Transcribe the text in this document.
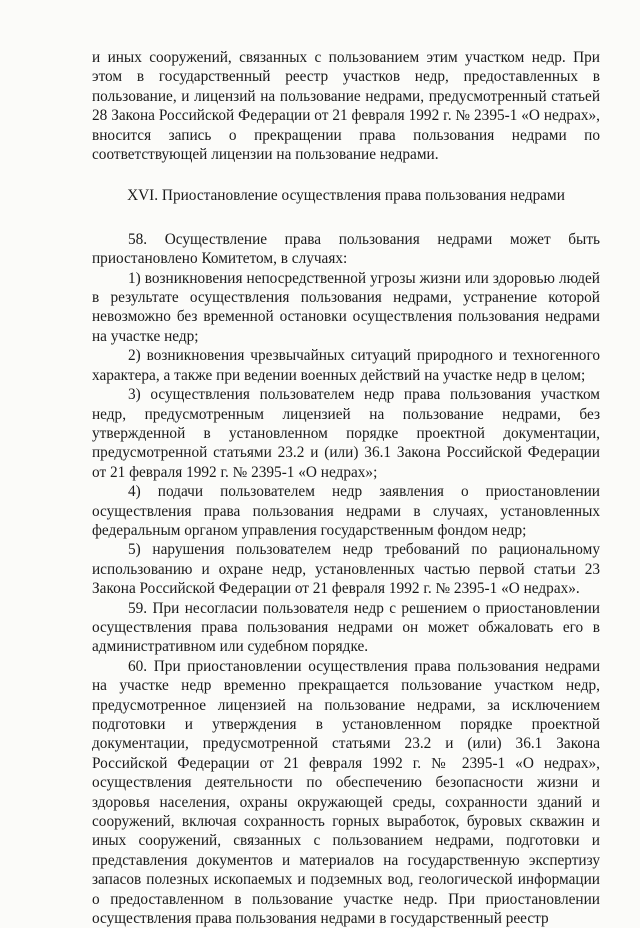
и иных сооружений, связанных с пользованием этим участком недр. При этом в государственный реестр участков недр, предоставленных в пользование, и лицензий на пользование недрами, предусмотренный статьей 28 Закона Российской Федерации от 21 февраля 1992 г. № 2395-1 «О недрах», вносится запись о прекращении права пользования недрами по соответствующей лицензии на пользование недрами.

XVI. Приостановление осуществления права пользования недрами

58. Осуществление права пользования недрами может быть приостановлено Комитетом, в случаях:

1) возникновения непосредственной угрозы жизни или здоровью людей в результате осуществления пользования недрами, устранение которой невозможно без временной остановки осуществления пользования недрами на участке недр;

2) возникновения чрезвычайных ситуаций природного и техногенного характера, а также при ведении военных действий на участке недр в целом;

3) осуществления пользователем недр права пользования участком недр, предусмотренным лицензией на пользование недрами, без утвержденной в установленном порядке проектной документации, предусмотренной статьями 23.2 и (или) 36.1 Закона Российской Федерации от 21 февраля 1992 г. № 2395-1 «О недрах»;

4) подачи пользователем недр заявления о приостановлении осуществления права пользования недрами в случаях, установленных федеральным органом управления государственным фондом недр;

5) нарушения пользователем недр требований по рациональному использованию и охране недр, установленных частью первой статьи 23 Закона Российской Федерации от 21 февраля 1992 г. № 2395-1 «О недрах».

59. При несогласии пользователя недр с решением о приостановлении осуществления права пользования недрами он может обжаловать его в административном или судебном порядке.

60. При приостановлении осуществления права пользования недрами на участке недр временно прекращается пользование участком недр, предусмотренное лицензией на пользование недрами, за исключением подготовки и утверждения в установленном порядке проектной документации, предусмотренной статьями 23.2 и (или) 36.1 Закона Российской Федерации от 21 февраля 1992 г. № 2395-1 «О недрах», осуществления деятельности по обеспечению безопасности жизни и здоровья населения, охраны окружающей среды, сохранности зданий и сооружений, включая сохранность горных выработок, буровых скважин и иных сооружений, связанных с пользованием недрами, подготовки и представления документов и материалов на государственную экспертизу запасов полезных ископаемых и подземных вод, геологической информации о предоставленном в пользование участке недр. При приостановлении осуществления права пользования недрами в государственный реестр
